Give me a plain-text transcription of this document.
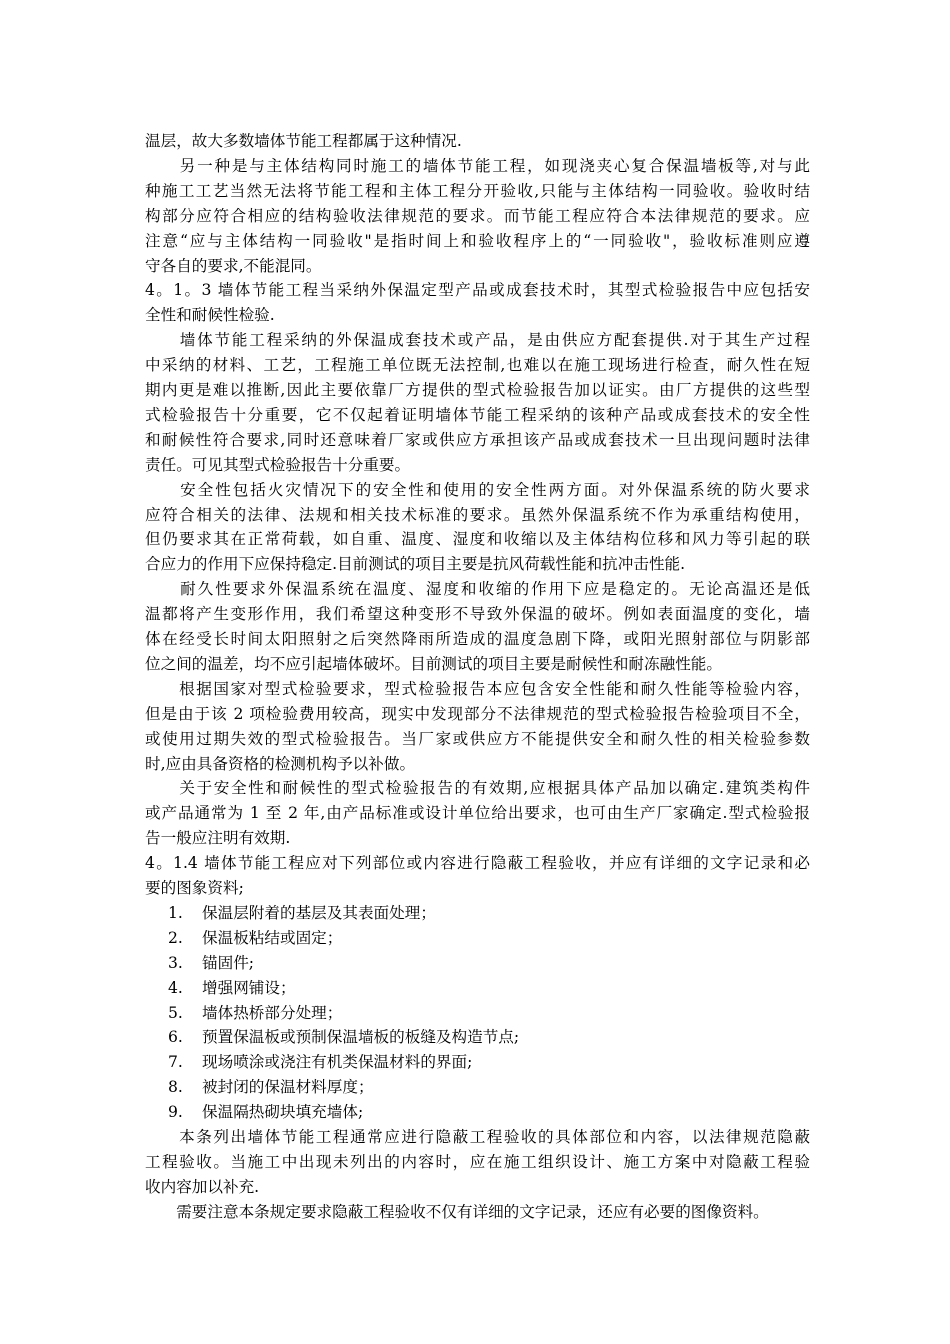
温层，故大多数墙体节能工程都属于这种情况.
　　另一种是与主体结构同时施工的墙体节能工程，如现浇夹心复合保温墙板等,对与此
种施工工艺当然无法将节能工程和主体工程分开验收,只能与主体结构一同验收。验收时结
构部分应符合相应的结构验收法律规范的要求。而节能工程应符合本法律规范的要求。应
注意“应与主体结构一同验收"是指时间上和验收程序上的“一同验收"，验收标准则应遵
守各自的要求,不能混同。
4。1。3 墙体节能工程当采纳外保温定型产品或成套技术时，其型式检验报告中应包括安
全性和耐候性检验.
　　墙体节能工程采纳的外保温成套技术或产品，是由供应方配套提供.对于其生产过程
中采纳的材料、工艺，工程施工单位既无法控制,也难以在施工现场进行检查，耐久性在短
期内更是难以推断,因此主要依靠厂方提供的型式检验报告加以证实。由厂方提供的这些型
式检验报告十分重要，它不仅起着证明墙体节能工程采纳的该种产品或成套技术的安全性
和耐候性符合要求,同时还意味着厂家或供应方承担该产品或成套技术一旦出现问题时法律
责任。可见其型式检验报告十分重要。
　　安全性包括火灾情况下的安全性和使用的安全性两方面。对外保温系统的防火要求
应符合相关的法律、法规和相关技术标准的要求。虽然外保温系统不作为承重结构使用，
但仍要求其在正常荷载，如自重、温度、湿度和收缩以及主体结构位移和风力等引起的联
合应力的作用下应保持稳定.目前测试的项目主要是抗风荷载性能和抗冲击性能.
　　耐久性要求外保温系统在温度、湿度和收缩的作用下应是稳定的。无论高温还是低
温都将产生变形作用，我们希望这种变形不导致外保温的破坏。例如表面温度的变化，墙
体在经受长时间太阳照射之后突然降雨所造成的温度急剧下降，或阳光照射部位与阴影部
位之间的温差，均不应引起墙体破坏。目前测试的项目主要是耐候性和耐冻融性能。
　　根据国家对型式检验要求，型式检验报告本应包含安全性能和耐久性能等检验内容，
但是由于该 2 项检验费用较高，现实中发现部分不法律规范的型式检验报告检验项目不全，
或使用过期失效的型式检验报告。当厂家或供应方不能提供安全和耐久性的相关检验参数
时,应由具备资格的检测机构予以补做。
　　关于安全性和耐候性的型式检验报告的有效期,应根据具体产品加以确定.建筑类构件
或产品通常为 1 至 2 年,由产品标准或设计单位给出要求，也可由生产厂家确定.型式检验报
告一般应注明有效期.
4。1.4 墙体节能工程应对下列部位或内容进行隐蔽工程验收，并应有详细的文字记录和必
要的图象资料;
1. 保温层附着的基层及其表面处理；
2. 保温板粘结或固定；
3. 锚固件;
4. 增强网铺设；
5. 墙体热桥部分处理；
6. 预置保温板或预制保温墙板的板缝及构造节点;
7. 现场喷涂或浇注有机类保温材料的界面;
8. 被封闭的保温材料厚度；
9. 保温隔热砌块填充墙体;
　　本条列出墙体节能工程通常应进行隐蔽工程验收的具体部位和内容，以法律规范隐蔽
工程验收。当施工中出现未列出的内容时，应在施工组织设计、施工方案中对隐蔽工程验
收内容加以补充.
　　需要注意本条规定要求隐蔽工程验收不仅有详细的文字记录，还应有必要的图像资料。
